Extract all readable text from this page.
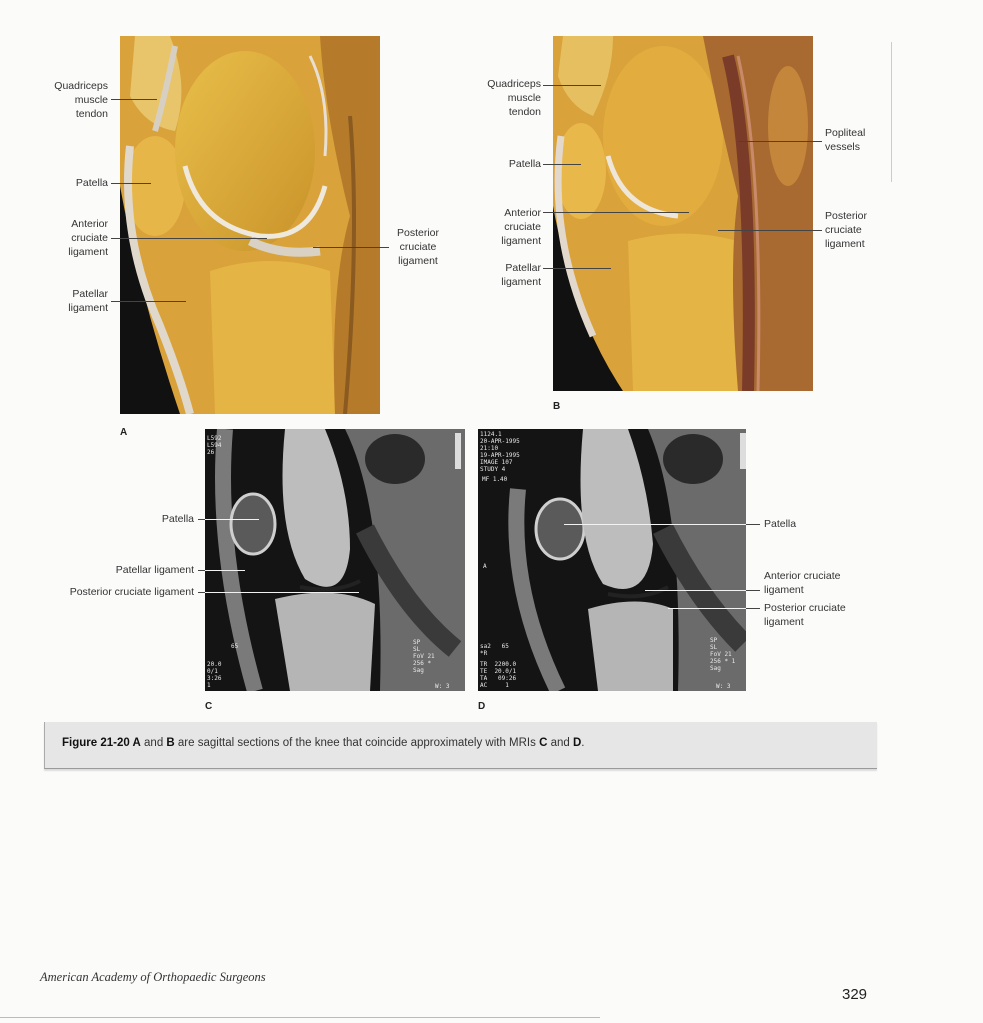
L592
L594
26
65
20.0
0/1
3:26
1
SP
SL
FoV 21
256 *
Sag
W: 3
1124.1
20-APR-1995
21:10
19-APR-1995
IMAGE 107
STUDY 4
MF 1.40
A
sa2   65
*R
TR  2200.0
TE  20.0/1
TA   09:26
AC     1
SP
SL
FoV 21
256 * 1
Sag
W: 3
A
B
C	D
Quadriceps
muscle
tendon
Patella
Anterior
cruciate
ligament
Patellar
ligament
Posterior
cruciate
ligament
Quadriceps
muscle
tendon
Patella
Anterior
cruciate
ligament
Patellar
ligament
Popliteal
vessels
Posterior
cruciate
ligament
Patella
Patellar ligament
Posterior cruciate ligament
Patella
Anterior cruciate
ligament
Posterior cruciate
ligament
Figure 21-20 A and B are sagittal sections of the knee that coincide approximately with MRIs C and D.
American Academy of Orthopaedic Surgeons
329
